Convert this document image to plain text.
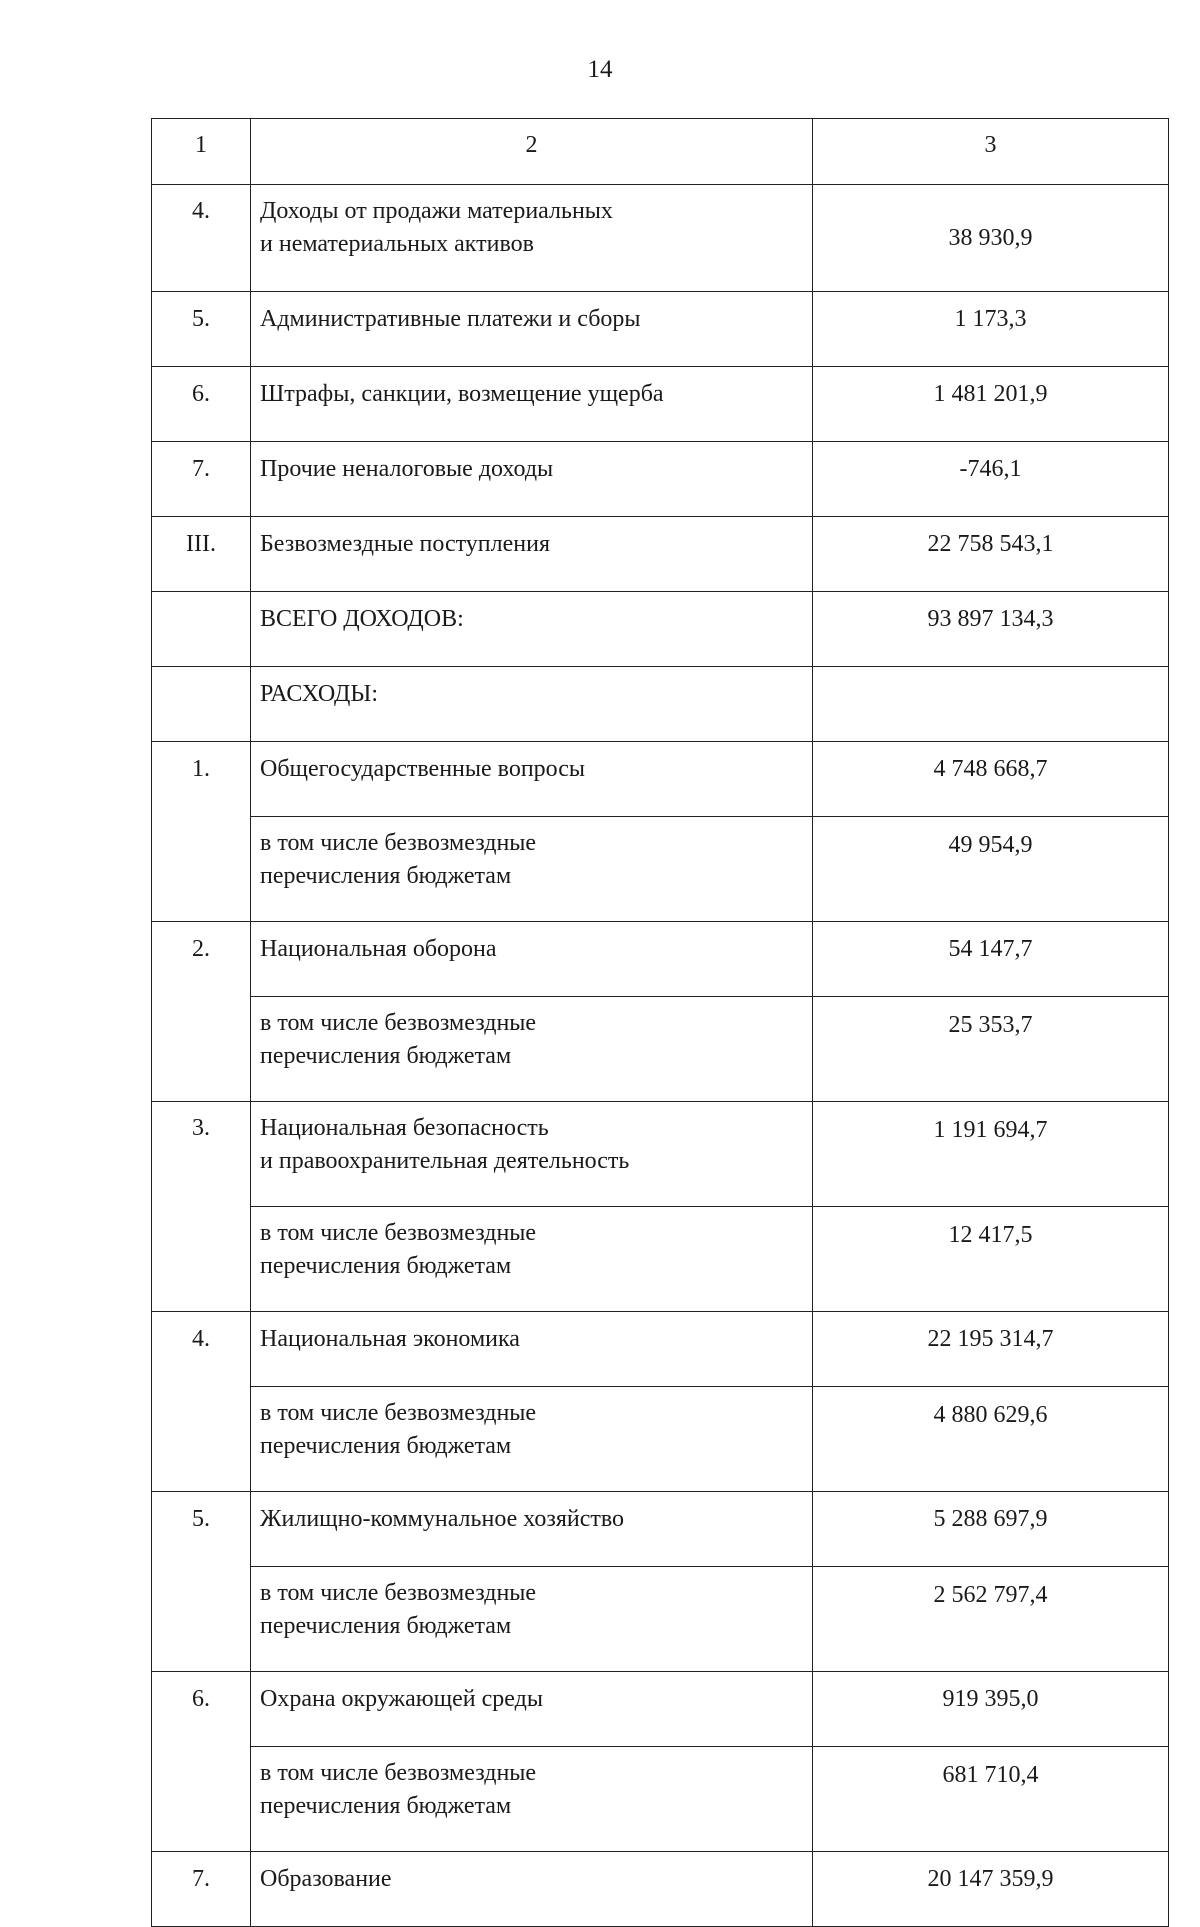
14
1	2	3
4.	Доходы от продажи материальных
и нематериальных активов	38 930,9
5.	Административные платежи и сборы	1 173,3
6.	Штрафы, санкции, возмещение ущерба	1 481 201,9
7.	Прочие неналоговые доходы	-746,1
III.	Безвозмездные поступления	22 758 543,1
	ВСЕГО ДОХОДОВ:	93 897 134,3
	РАСХОДЫ:	
1.	Общегосударственные вопросы	4 748 668,7
	в том числе безвозмездные
перечисления бюджетам	49 954,9
2.	Национальная оборона	54 147,7
	в том числе безвозмездные
перечисления бюджетам	25 353,7
3.	Национальная безопасность
и правоохранительная деятельность	1 191 694,7
	в том числе безвозмездные
перечисления бюджетам	12 417,5
4.	Национальная экономика	22 195 314,7
	в том числе безвозмездные
перечисления бюджетам	4 880 629,6
5.	Жилищно-коммунальное хозяйство	5 288 697,9
	в том числе безвозмездные
перечисления бюджетам	2 562 797,4
6.	Охрана окружающей среды	919 395,0
	в том числе безвозмездные
перечисления бюджетам	681 710,4
7.	Образование	20 147 359,9
